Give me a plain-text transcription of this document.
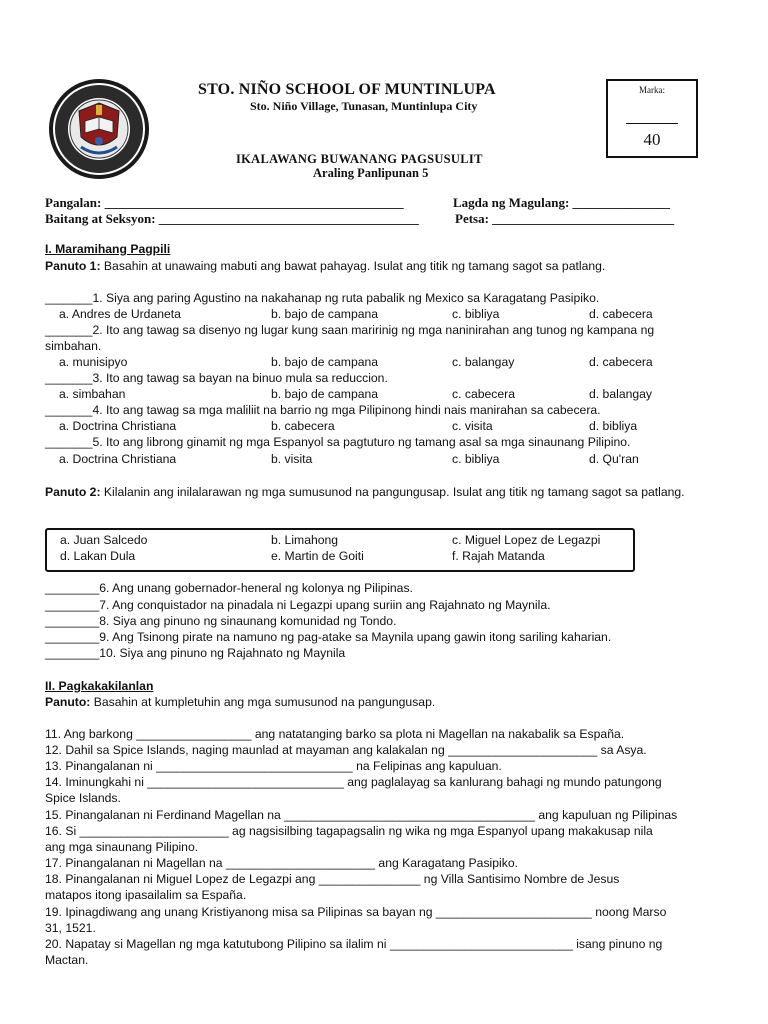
STO. NIÑO SCHOOL OF MUNTINLUPA
Sto. Niño Village, Tunasan, Muntinlupa City
Marka:
40
IKALAWANG BUWANANG PAGSUSULIT
Araling Panlipunan 5
Pangalan: ______________________________________________	Lagda ng Magulang: _______________
Baitang at Seksyon: ________________________________________	Petsa: ____________________________
I. Maramihang Pagpili
Panuto 1: Basahin at unawaing mabuti ang bawat pahayag. Isulat ang titik ng tamang sagot sa patlang.
_______1. Siya ang paring Agustino na nakahanap ng ruta pabalik ng Mexico sa Karagatang Pasipiko.
a. Andres de Urdaneta	b. bajo de campana	c. bibliya	d. cabecera
_______2. Ito ang tawag sa disenyo ng lugar kung saan maririnig ng mga naninirahan ang tunog ng kampana ng
simbahan.
a. munisipyo	b. bajo de campana	c. balangay	d. cabecera
_______3. Ito ang tawag sa bayan na binuo mula sa reduccion.
a. simbahan	b. bajo de campana	c. cabecera	d. balangay
_______4. Ito ang tawag sa mga maliliit na barrio ng mga Pilipinong hindi nais manirahan sa cabecera.
a. Doctrina Christiana	b. cabecera	c. visita	d. bibliya
_______5. Ito ang librong ginamit ng mga Espanyol sa pagtuturo ng tamang asal sa mga sinaunang Pilipino.
a. Doctrina Christiana	b. visita	c. bibliya	d. Qu'ran
Panuto 2: Kilalanin ang inilalarawan ng mga sumusunod na pangungusap. Isulat ang titik ng tamang sagot sa patlang.
a. Juan Salcedo	b. Limahong	c. Miguel Lopez de Legazpi
d. Lakan Dula	e. Martin de Goiti	f. Rajah Matanda
________6. Ang unang gobernador-heneral ng kolonya ng Pilipinas.
________7. Ang conquistador na pinadala ni Legazpi upang suriin ang Rajahnato ng Maynila.
________8. Siya ang pinuno ng sinaunang komunidad ng Tondo.
________9. Ang Tsinong pirate na namuno ng pag-atake sa Maynila upang gawin itong sariling kaharian.
________10. Siya ang pinuno ng Rajahnato ng Maynila
II. Pagkakakilanlan
Panuto: Basahin at kumpletuhin ang mga sumusunod na pangungusap.
11. Ang barkong _________________ ang natatanging barko sa plota ni Magellan na nakabalik sa España.
12. Dahil sa Spice Islands, naging maunlad at mayaman ang kalakalan ng ______________________ sa Asya.
13. Pinangalanan ni _____________________________ na Felipinas ang kapuluan.
14. Iminungkahi ni _____________________________ ang paglalayag sa kanlurang bahagi ng mundo patungong
Spice Islands.
15. Pinangalanan ni Ferdinand Magellan na _____________________________________ ang kapuluan ng Pilipinas
16. Si ______________________ ag nagsisilbing tagapagsalin ng wika ng mga Espanyol upang makakusap nila
ang mga sinaunang Pilipino.
17. Pinangalanan ni Magellan na ______________________ ang Karagatang Pasipiko.
18. Pinangalanan ni Miguel Lopez de Legazpi ang _______________ ng Villa Santisimo Nombre de Jesus
matapos itong ipasailalim sa España.
19. Ipinagdiwang ang unang Kristiyanong misa sa Pilipinas sa bayan ng _______________________ noong Marso
31, 1521.
20. Napatay si Magellan ng mga katutubong Pilipino sa ilalim ni ___________________________ isang pinuno ng
Mactan.
